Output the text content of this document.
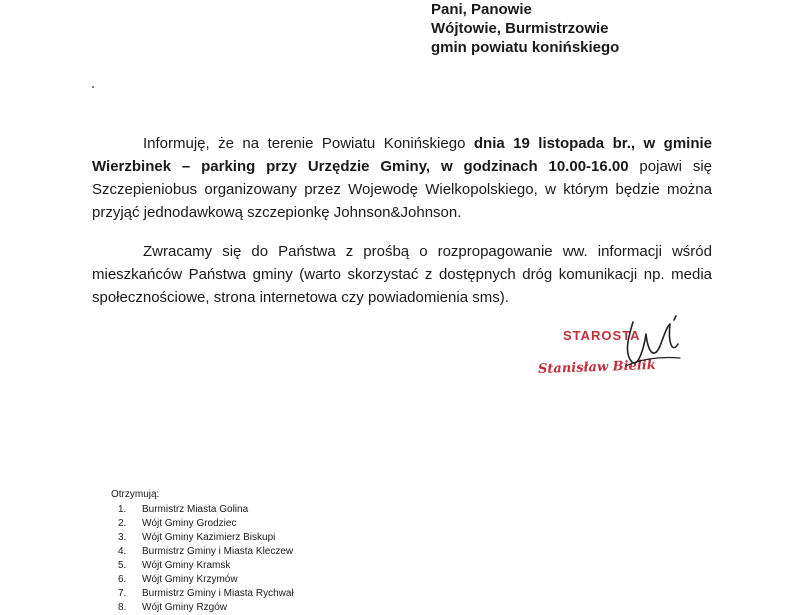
Pani, Panowie
Wójtowie, Burmistrzowie
gmin powiatu konińskiego

Informuję, że na terenie Powiatu Konińskiego dnia 19 listopada br., w gminie Wierzbinek – parking przy Urzędzie Gminy, w godzinach 10.00-16.00 pojawi się Szczepieniobus organizowany przez Wojewodę Wielkopolskiego, w którym będzie można przyjąć jednodawkową szczepionkę Johnson&Johnson.

Zwracamy się do Państwa z prośbą o rozpropagowanie ww. informacji wśród mieszkańców Państwa gminy (warto skorzystać z dostępnych dróg komunikacji np. media społecznościowe, strona internetowa czy powiadomienia sms).

STAROSTA
Stanisław Bielik
Otrzymują:
1.	Burmistrz Miasta Golina
2.	Wójt Gminy Grodziec
3.	Wójt Gminy Kazimierz Biskupi
4.	Burmistrz Gminy i Miasta Kleczew
5.	Wójt Gminy Kramsk
6.	Wójt Gminy Krzymów
7.	Burmistrz Gminy i Miasta Rychwał
8.	Wójt Gminy Rzgów
